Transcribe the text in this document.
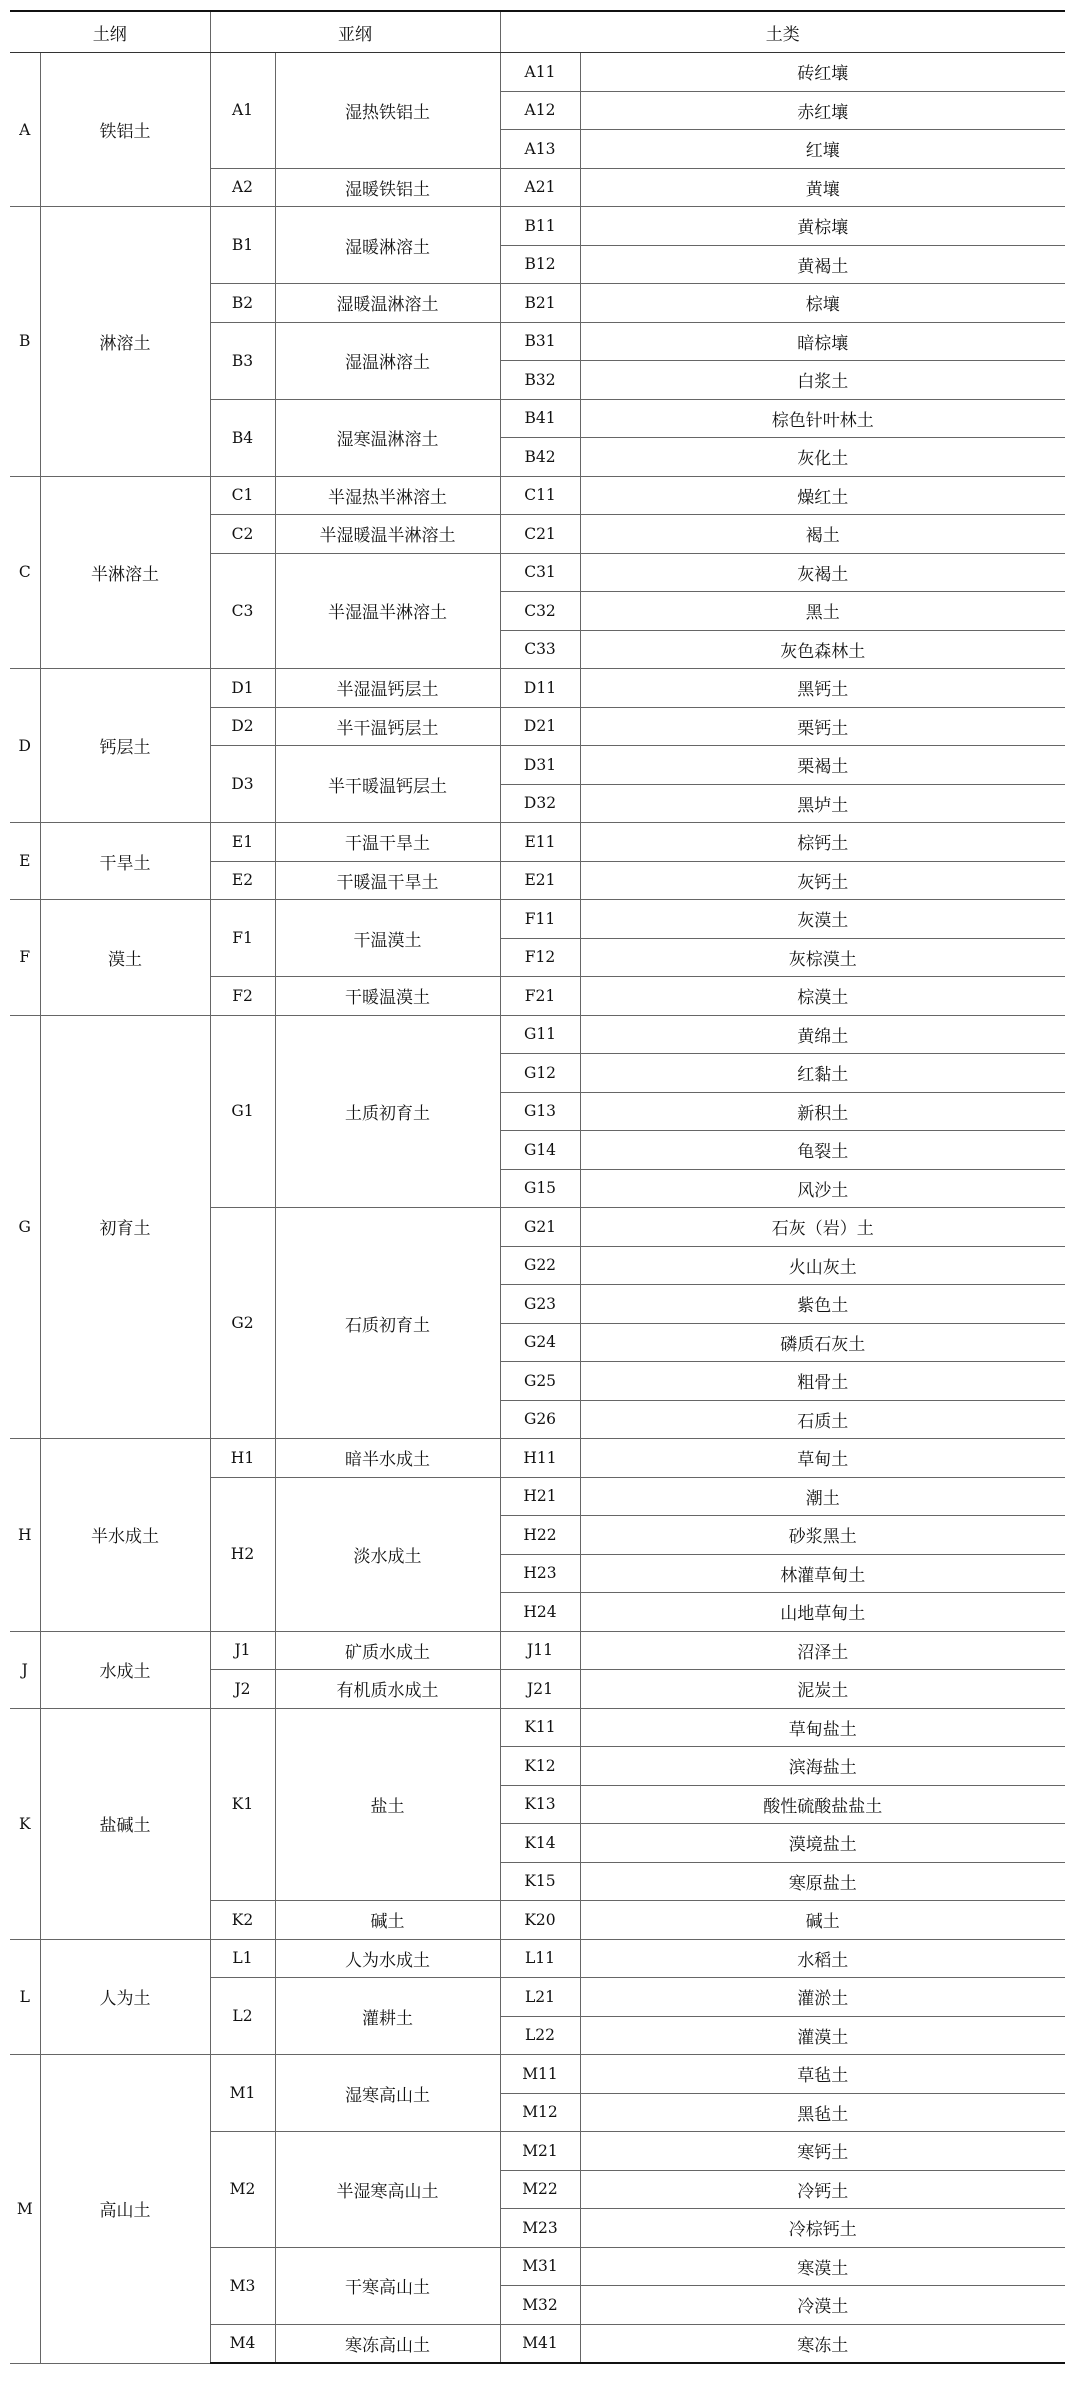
土纲		亚纲		土类	
A	铁铝土	A1	湿热铁铝土	A11	砖红壤
				A12	赤红壤
				A13	红壤
		A2	湿暖铁铝土	A21	黄壤
B	淋溶土	B1	湿暖淋溶土	B11	黄棕壤
				B12	黄褐土
		B2	湿暖温淋溶土	B21	棕壤
		B3	湿温淋溶土	B31	暗棕壤
				B32	白浆土
		B4	湿寒温淋溶土	B41	棕色针叶林土
				B42	灰化土
C	半淋溶土	C1	半湿热半淋溶土	C11	燥红土
		C2	半湿暖温半淋溶土	C21	褐土
		C3	半湿温半淋溶土	C31	灰褐土
				C32	黑土
				C33	灰色森林土
D	钙层土	D1	半湿温钙层土	D11	黑钙土
		D2	半干温钙层土	D21	栗钙土
		D3	半干暖温钙层土	D31	栗褐土
				D32	黑垆土
E	干旱土	E1	干温干旱土	E11	棕钙土
		E2	干暖温干旱土	E21	灰钙土
F	漠土	F1	干温漠土	F11	灰漠土
				F12	灰棕漠土
		F2	干暖温漠土	F21	棕漠土
G	初育土	G1	土质初育土	G11	黄绵土
				G12	红黏土
				G13	新积土
				G14	龟裂土
				G15	风沙土
		G2	石质初育土	G21	石灰（岩）土
				G22	火山灰土
				G23	紫色土
				G24	磷质石灰土
				G25	粗骨土
				G26	石质土
H	半水成土	H1	暗半水成土	H11	草甸土
		H2	淡水成土	H21	潮土
				H22	砂浆黑土
				H23	林灌草甸土
				H24	山地草甸土
J	水成土	J1	矿质水成土	J11	沼泽土
		J2	有机质水成土	J21	泥炭土
K	盐碱土	K1	盐土	K11	草甸盐土
				K12	滨海盐土
				K13	酸性硫酸盐盐土
				K14	漠境盐土
				K15	寒原盐土
		K2	碱土	K20	碱土
L	人为土	L1	人为水成土	L11	水稻土
		L2	灌耕土	L21	灌淤土
				L22	灌漠土
M	高山土	M1	湿寒高山土	M11	草毡土
				M12	黑毡土
		M2	半湿寒高山土	M21	寒钙土
				M22	冷钙土
				M23	冷棕钙土
		M3	干寒高山土	M31	寒漠土
				M32	冷漠土
		M4	寒冻高山土	M41	寒冻土
